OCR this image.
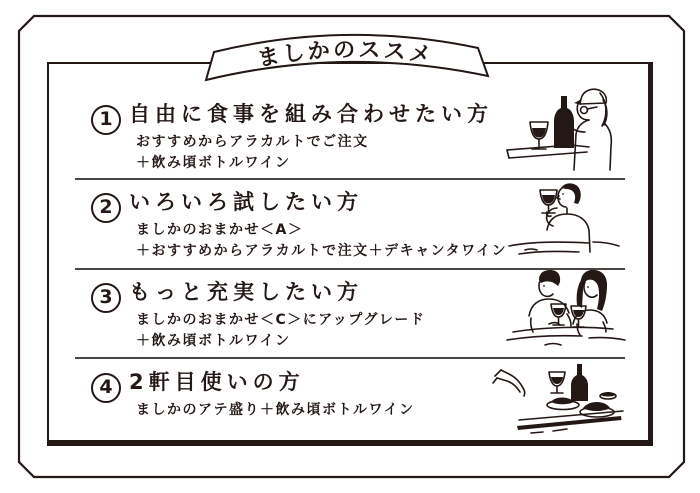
1 自由に食事を組み合わせたい方

おすすめからアラカルトでご注文
＋飲み頃ボトルワイン

2 いろいろ試したい方

ましかのおまかせ＜A＞
＋おすすめからアラカルトで注文＋デキャンタワイン

3 もっと充実したい方

ましかのおまかせ＜C＞にアップグレード
＋飲み頃ボトルワイン

4 2軒目使いの方

ましかのアテ盛り＋飲み頃ボトルワイン

ましかのススメ
